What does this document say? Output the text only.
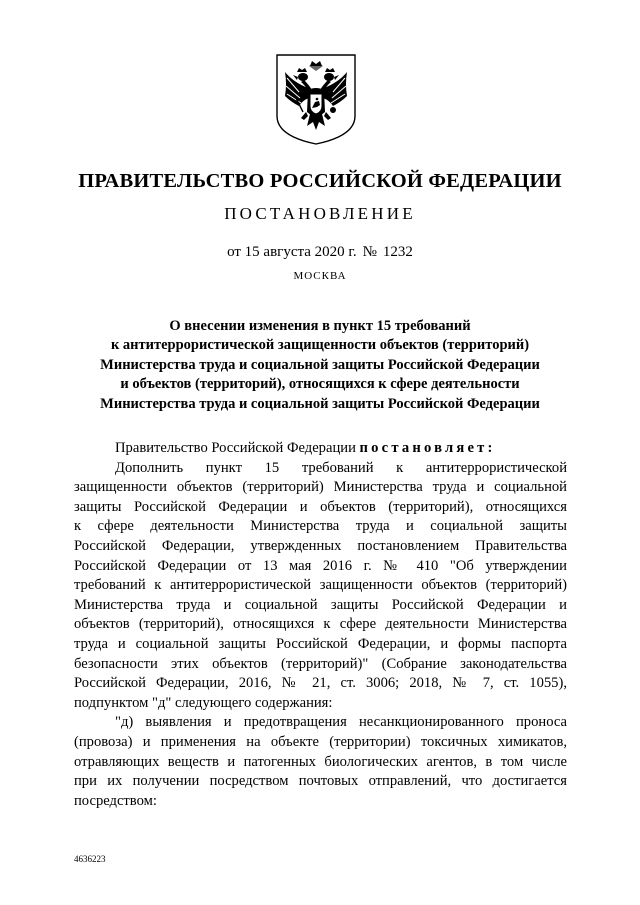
ПРАВИТЕЛЬСТВО РОССИЙСКОЙ ФЕДЕРАЦИИ
ПОСТАНОВЛЕНИЕ
от 15 августа 2020 г. № 1232
МОСКВА
О внесении изменения в пункт 15 требований
к антитеррористической защищенности объектов (территорий)
Министерства труда и социальной защиты Российской Федерации
и объектов (территорий), относящихся к сфере деятельности
Министерства труда и социальной защиты Российской Федерации
Правительство Российской Федерации постановляет:
Дополнить пункт 15 требований к антитеррористической
защищенности объектов (территорий) Министерства труда и социальной
защиты Российской Федерации и объектов (территорий), относящихся
к сфере деятельности Министерства труда и социальной защиты
Российской Федерации, утвержденных постановлением Правительства
Российской Федерации от 13 мая 2016 г. № 410 "Об утверждении
требований к антитеррористической защищенности объектов (территорий)
Министерства труда и социальной защиты Российской Федерации и
объектов (территорий), относящихся к сфере деятельности Министерства
труда и социальной защиты Российской Федерации, и формы паспорта
безопасности этих объектов (территорий)" (Собрание законодательства
Российской Федерации, 2016, № 21, ст. 3006; 2018, № 7, ст. 1055),
подпунктом "д" следующего содержания:
"д) выявления и предотвращения несанкционированного проноса
(провоза) и применения на объекте (территории) токсичных химикатов,
отравляющих веществ и патогенных биологических агентов, в том числе
при их получении посредством почтовых отправлений, что достигается
посредством:
4636223
